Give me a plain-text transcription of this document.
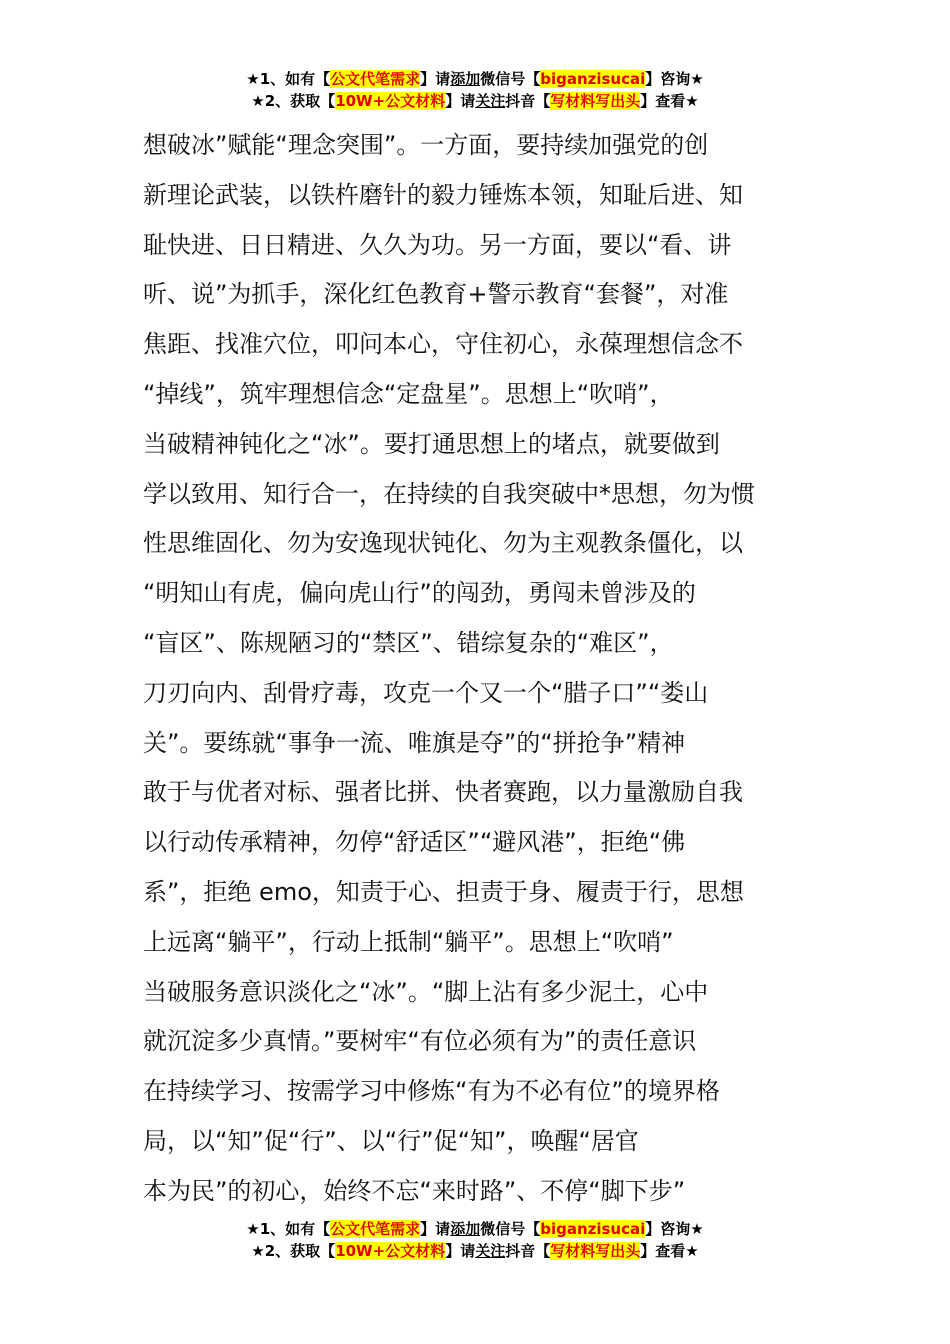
★1、如有【公文代笔需求】请添加微信号【biganzisucai】咨询★
★2、获取【10W+公文材料】请关注抖音【写材料写出头】查看★
想破冰”赋能“理念突围”。一方面，要持续加强党的创
新理论武装，以铁杵磨针的毅力锤炼本领，知耻后进、知
耻快进、日日精进、久久为功。另一方面，要以“看、讲
听、说”为抓手，深化红色教育+警示教育“套餐”，对准
焦距、找准穴位，叩问本心，守住初心，永葆理想信念不
“掉线”，筑牢理想信念“定盘星”。思想上“吹哨”，
当破精神钝化之“冰”。要打通思想上的堵点，就要做到
学以致用、知行合一，在持续的自我突破中*思想，勿为惯
性思维固化、勿为安逸现状钝化、勿为主观教条僵化，以
“明知山有虎，偏向虎山行”的闯劲，勇闯未曾涉及的
“盲区”、陈规陋习的“禁区”、错综复杂的“难区”，
刀刃向内、刮骨疗毒，攻克一个又一个“腊子口”“娄山
关”。要练就“事争一流、唯旗是夺”的“拼抢争”精神
敢于与优者对标、强者比拼、快者赛跑，以力量激励自我
以行动传承精神，勿停“舒适区”“避风港”，拒绝“佛
系”，拒绝 emo，知责于心、担责于身、履责于行，思想
上远离“躺平”，行动上抵制“躺平”。思想上“吹哨”
当破服务意识淡化之“冰”。“脚上沾有多少泥土，心中
就沉淀多少真情。”要树牢“有位必须有为”的责任意识
在持续学习、按需学习中修炼“有为不必有位”的境界格
局，以“知”促“行”、以“行”促“知”，唤醒“居官
本为民”的初心，始终不忘“来时路”、不停“脚下步”
★1、如有【公文代笔需求】请添加微信号【biganzisucai】咨询★
★2、获取【10W+公文材料】请关注抖音【写材料写出头】查看★
